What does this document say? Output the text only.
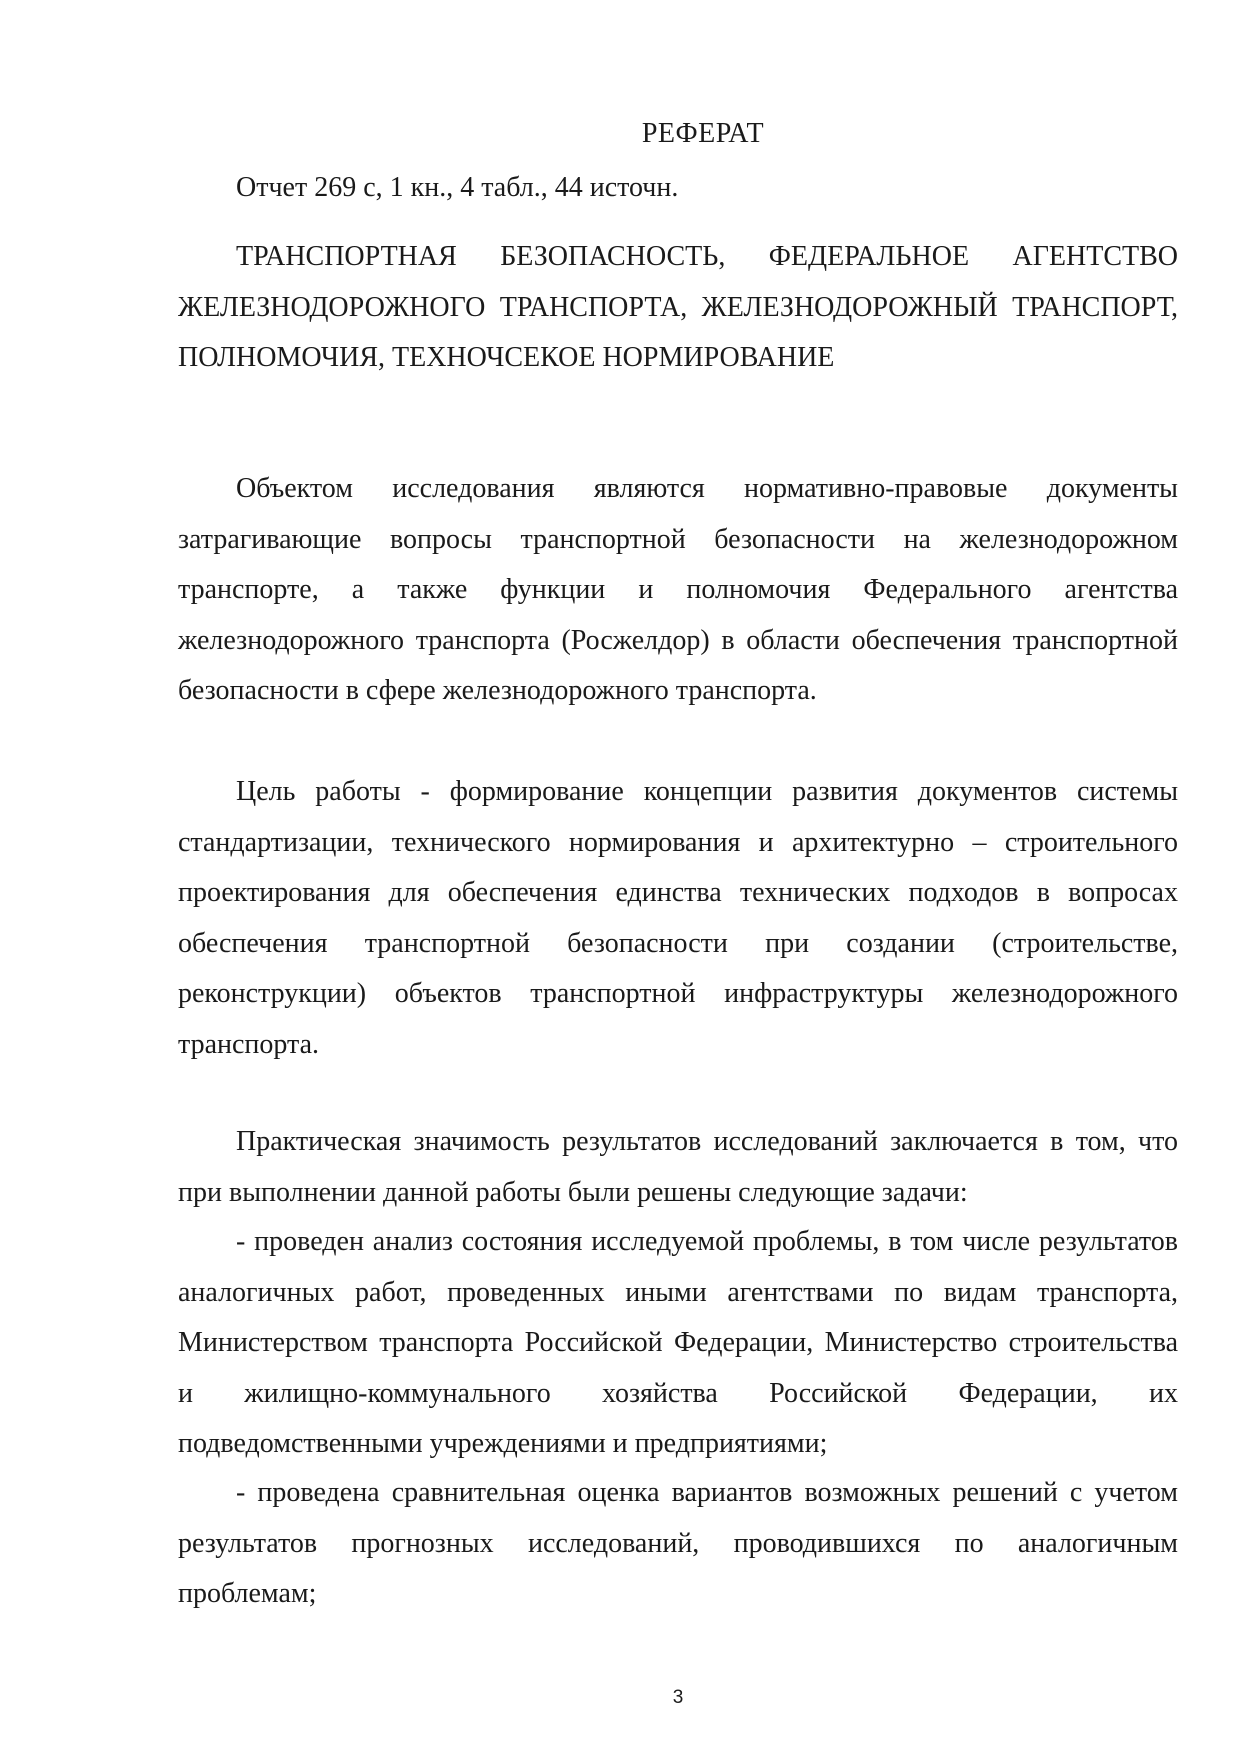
РЕФЕРАТ

Отчет 269 с, 1 кн., 4 табл., 44 источн.

ТРАНСПОРТНАЯ БЕЗОПАСНОСТЬ, ФЕДЕРАЛЬНОЕ АГЕНТСТВО ЖЕЛЕЗНОДОРОЖНОГО ТРАНСПОРТА, ЖЕЛЕЗНОДОРОЖНЫЙ ТРАНСПОРТ, ПОЛНОМОЧИЯ, ТЕХНОЧСЕКОЕ НОРМИРОВАНИЕ

Объектом исследования являются нормативно-правовые документы затрагивающие вопросы транспортной безопасности на железнодорожном транспорте, а также функции и полномочия Федерального агентства железнодорожного транспорта (Росжелдор) в области обеспечения транспортной безопасности в сфере железнодорожного транспорта.

Цель работы - формирование концепции развития документов системы стандартизации, технического нормирования и архитектурно – строительного проектирования для обеспечения единства технических подходов в вопросах обеспечения транспортной безопасности при создании (строительстве, реконструкции) объектов транспортной инфраструктуры железнодорожного транспорта.

Практическая значимость результатов исследований заключается в том, что при выполнении данной работы были решены следующие задачи:

- проведен анализ состояния исследуемой проблемы, в том числе результатов аналогичных работ, проведенных иными агентствами по видам транспорта, Министерством транспорта Российской Федерации, Министерство строительства и жилищно-коммунального хозяйства Российской Федерации, их подведомственными учреждениями и предприятиями;

- проведена сравнительная оценка вариантов возможных решений с учетом результатов прогнозных исследований, проводившихся по аналогичным проблемам;

3
